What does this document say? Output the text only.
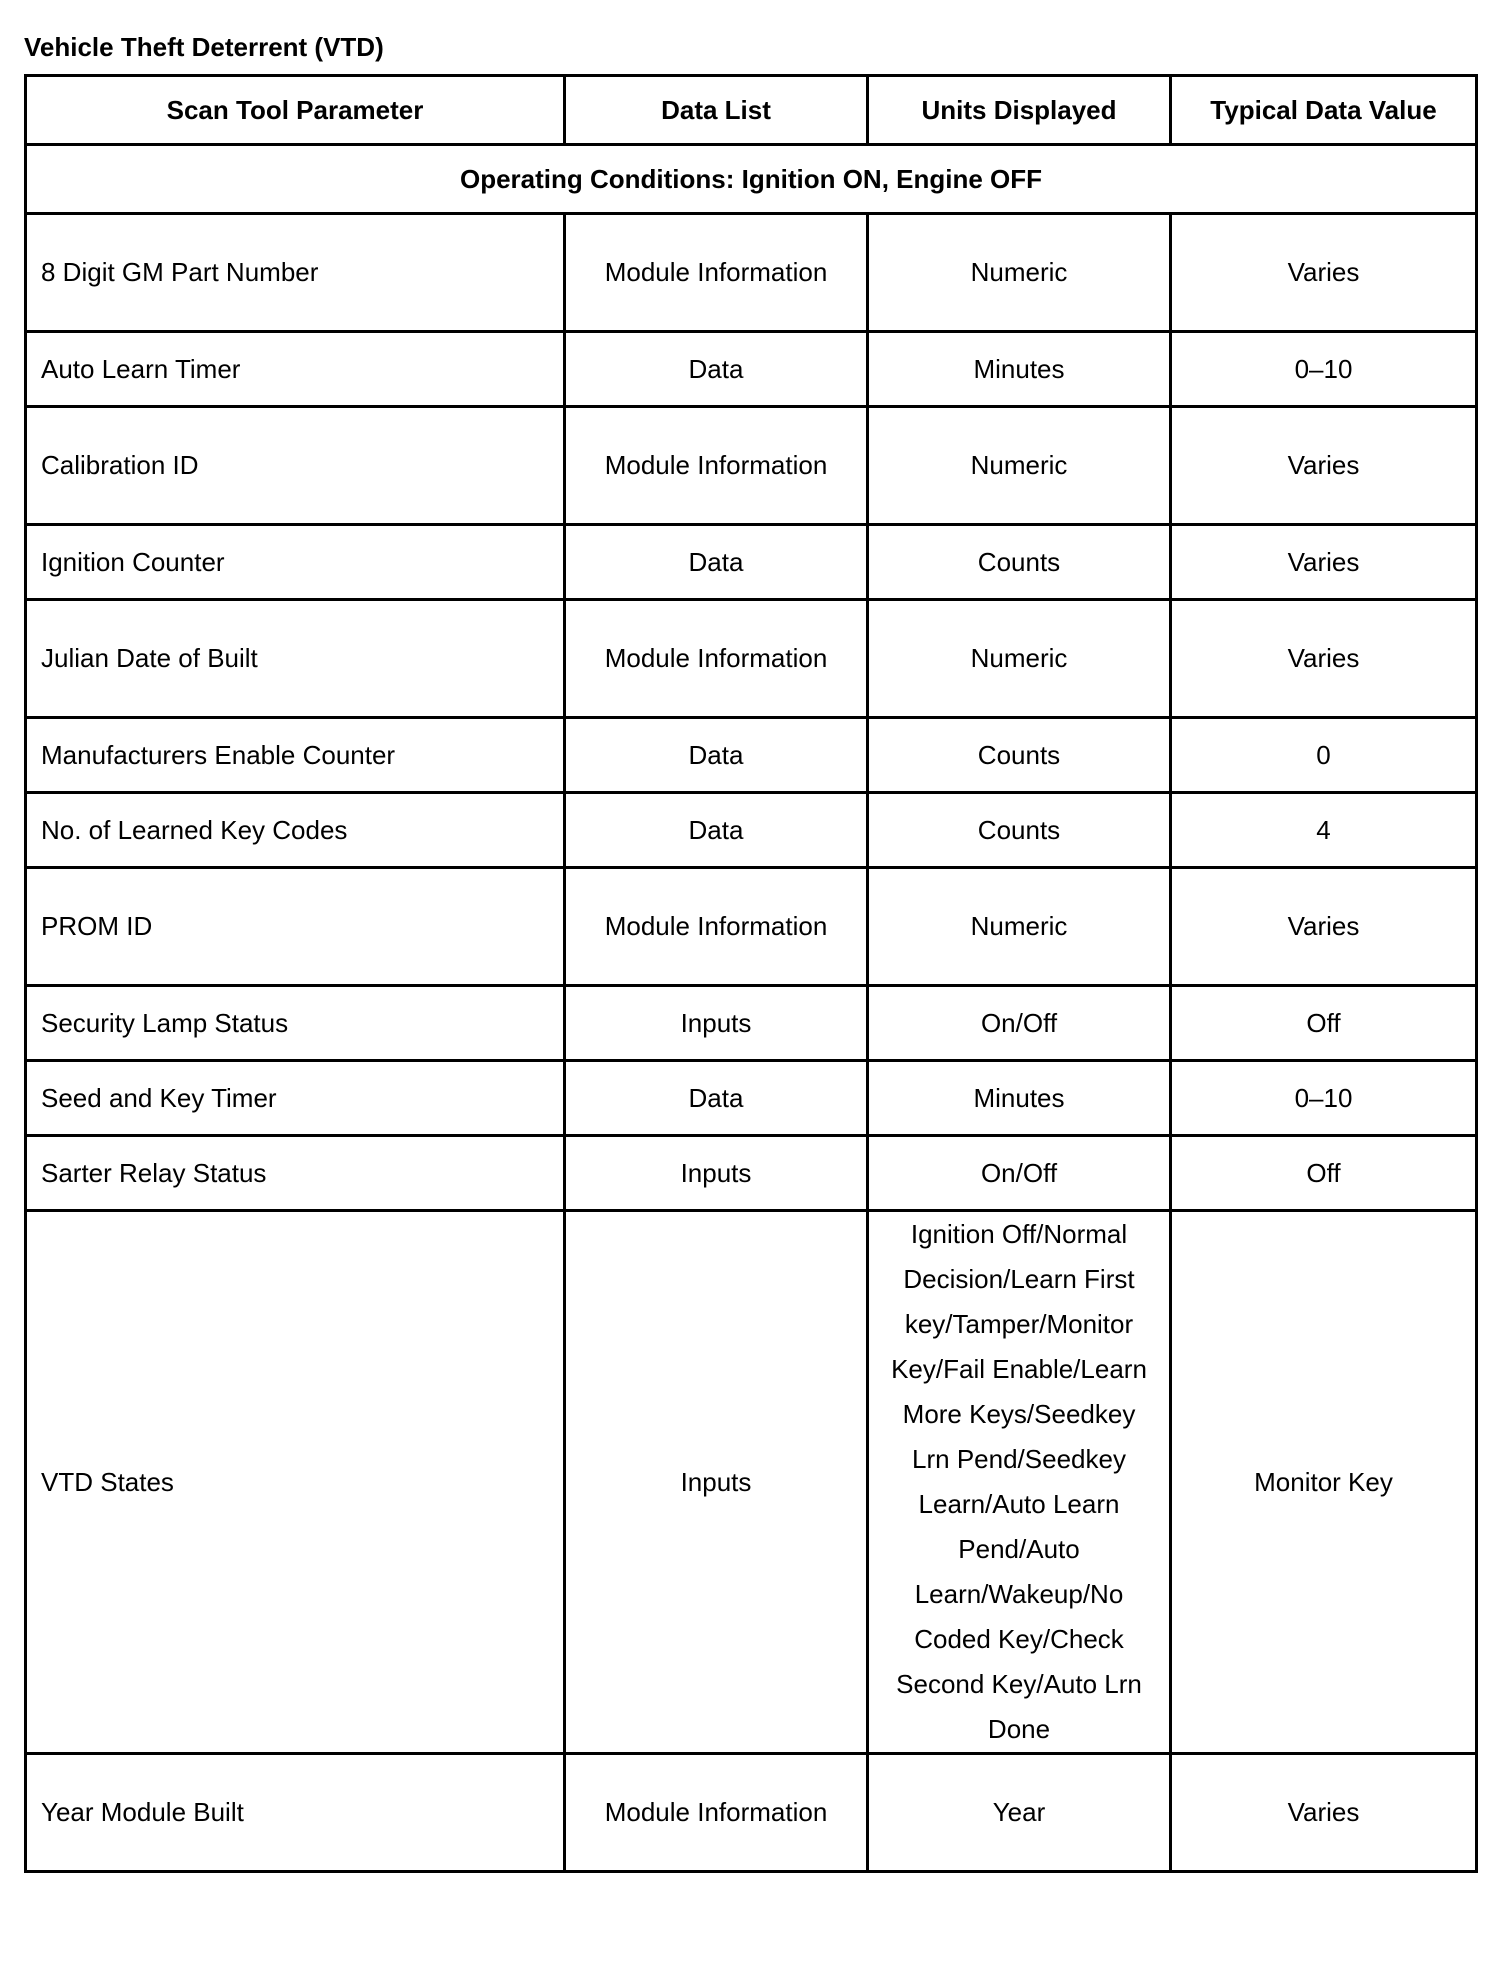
Vehicle Theft Deterrent (VTD)
Scan Tool Parameter	Data List	Units Displayed	Typical Data Value
Operating Conditions: Ignition ON, Engine OFF			
8 Digit GM Part Number	Module Information	Numeric	Varies
Auto Learn Timer	Data	Minutes	0–10
Calibration ID	Module Information	Numeric	Varies
Ignition Counter	Data	Counts	Varies
Julian Date of Built	Module Information	Numeric	Varies
Manufacturers Enable Counter	Data	Counts	0
No. of Learned Key Codes	Data	Counts	4
PROM ID	Module Information	Numeric	Varies
Security Lamp Status	Inputs	On/Off	Off
Seed and Key Timer	Data	Minutes	0–10
Sarter Relay Status	Inputs	On/Off	Off
VTD States	Inputs	Ignition Off/Normal Decision/Learn First key/Tamper/Monitor Key/Fail Enable/Learn More Keys/Seedkey Lrn Pend/Seedkey Learn/Auto Learn Pend/Auto Learn/Wakeup/No Coded Key/Check Second Key/Auto Lrn Done	Monitor Key
Year Module Built	Module Information	Year	Varies
